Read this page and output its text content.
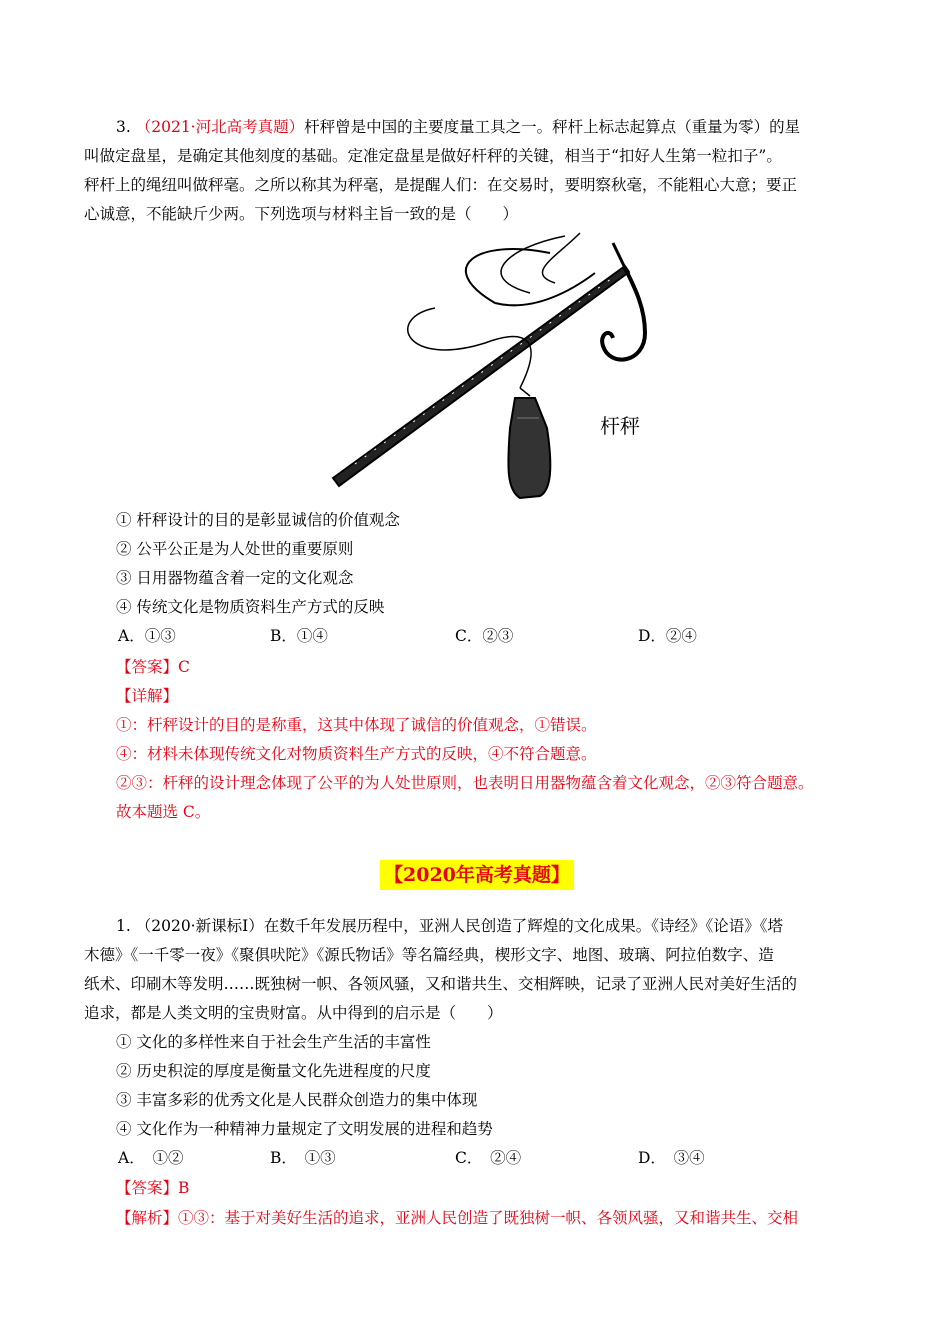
3. （2021·河北高考真题）杆秤曾是中国的主要度量工具之一。秤杆上标志起算点（重量为零）的星
叫做定盘星，是确定其他刻度的基础。定准定盘星是做好杆秤的关键，相当于“扣好人生第一粒扣子”。
秤杆上的绳纽叫做秤毫。之所以称其为秤毫，是提醒人们：在交易时，要明察秋毫，不能粗心大意；要正
心诚意，不能缺斤少两。下列选项与材料主旨一致的是（　　）
杆秤
① 杆秤设计的目的是彰显诚信的价值观念
② 公平公正是为人处世的重要原则
③ 日用器物蕴含着一定的文化观念
④ 传统文化是物质资料生产方式的反映
A．①③	B．①④	C．②③	D．②④
【答案】C
【详解】
①：杆秤设计的目的是称重，这其中体现了诚信的价值观念，①错误。
④：材料未体现传统文化对物质资料生产方式的反映，④不符合题意。
②③：杆秤的设计理念体现了公平的为人处世原则，也表明日用器物蕴含着文化观念，②③符合题意。
故本题选 C。
【2020年高考真题】
1. （2020·新课标Ⅰ）在数千年发展历程中，亚洲人民创造了辉煌的文化成果。《诗经》《论语》《塔
木德》《一千零一夜》《聚俱吠陀》《源氏物话》等名篇经典，楔形文字、地图、玻璃、阿拉伯数字、造
纸术、印刷木等发明……既独树一帜、各领风骚，又和谐共生、交相辉映，记录了亚洲人民对美好生活的
追求，都是人类文明的宝贵财富。从中得到的启示是（　　）
① 文化的多样性来自于社会生产生活的丰富性
② 历史积淀的厚度是衡量文化先进程度的尺度
③ 丰富多彩的优秀文化是人民群众创造力的集中体现
④ 文化作为一种精神力量规定了文明发展的进程和趋势
A．　①②	B．　①③	C．　②④	D．　③④
【答案】B
【解析】①③：基于对美好生活的追求，亚洲人民创造了既独树一帜、各领风骚，又和谐共生、交相
